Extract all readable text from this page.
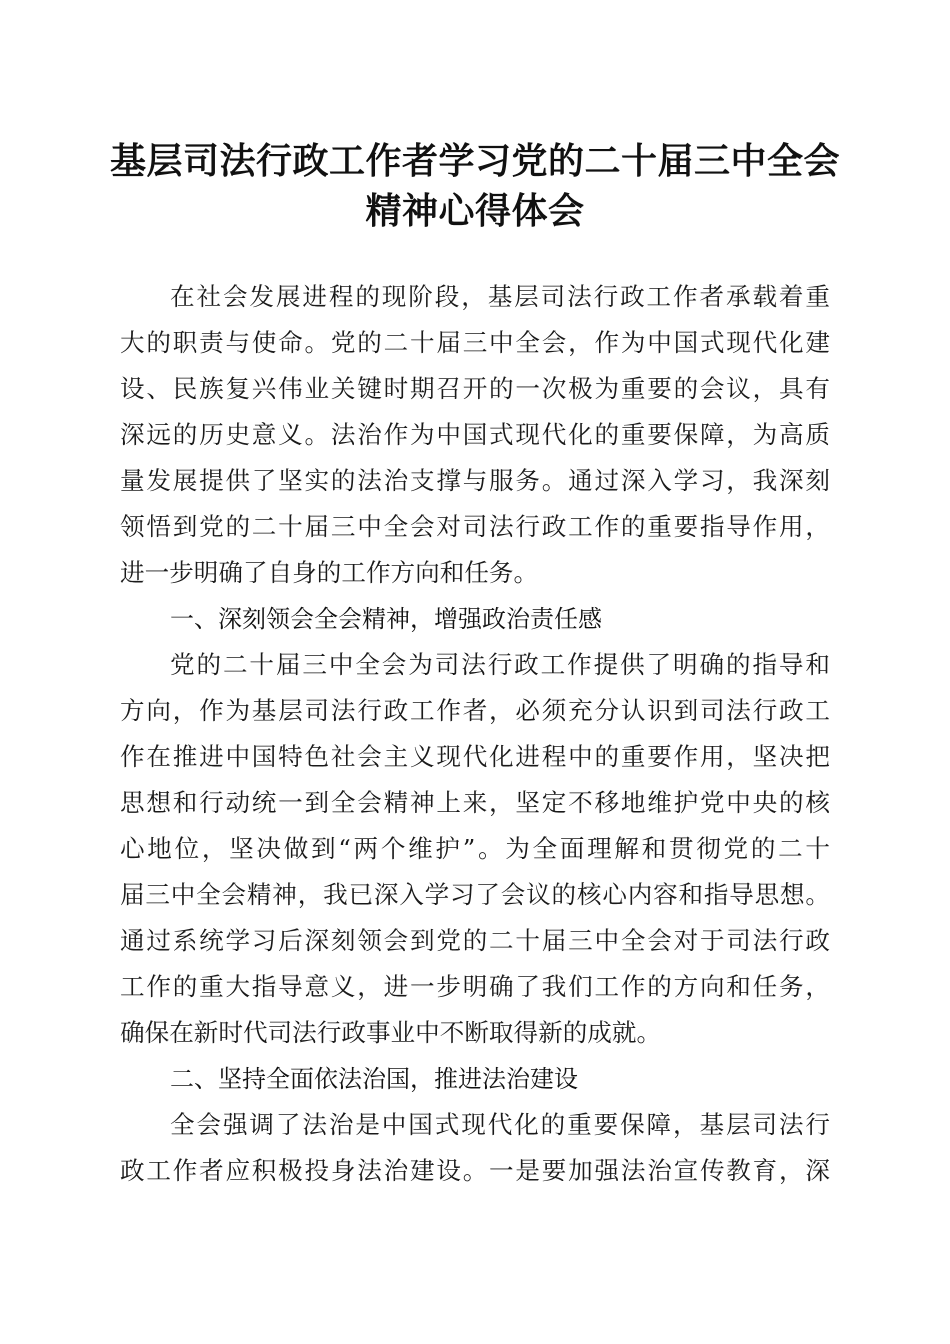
基层司法行政工作者学习党的二十届三中全会
精神心得体会
在社会发展进程的现阶段，基层司法行政工作者承载着重
大的职责与使命。党的二十届三中全会，作为中国式现代化建
设、民族复兴伟业关键时期召开的一次极为重要的会议，具有
深远的历史意义。法治作为中国式现代化的重要保障，为高质
量发展提供了坚实的法治支撑与服务。通过深入学习，我深刻
领悟到党的二十届三中全会对司法行政工作的重要指导作用，
进一步明确了自身的工作方向和任务。
一、深刻领会全会精神，增强政治责任感
党的二十届三中全会为司法行政工作提供了明确的指导和
方向，作为基层司法行政工作者，必须充分认识到司法行政工
作在推进中国特色社会主义现代化进程中的重要作用，坚决把
思想和行动统一到全会精神上来，坚定不移地维护党中央的核
心地位，坚决做到“两个维护”。为全面理解和贯彻党的二十
届三中全会精神，我已深入学习了会议的核心内容和指导思想。
通过系统学习后深刻领会到党的二十届三中全会对于司法行政
工作的重大指导意义，进一步明确了我们工作的方向和任务，
确保在新时代司法行政事业中不断取得新的成就。
二、坚持全面依法治国，推进法治建设
全会强调了法治是中国式现代化的重要保障，基层司法行
政工作者应积极投身法治建设。一是要加强法治宣传教育，深
